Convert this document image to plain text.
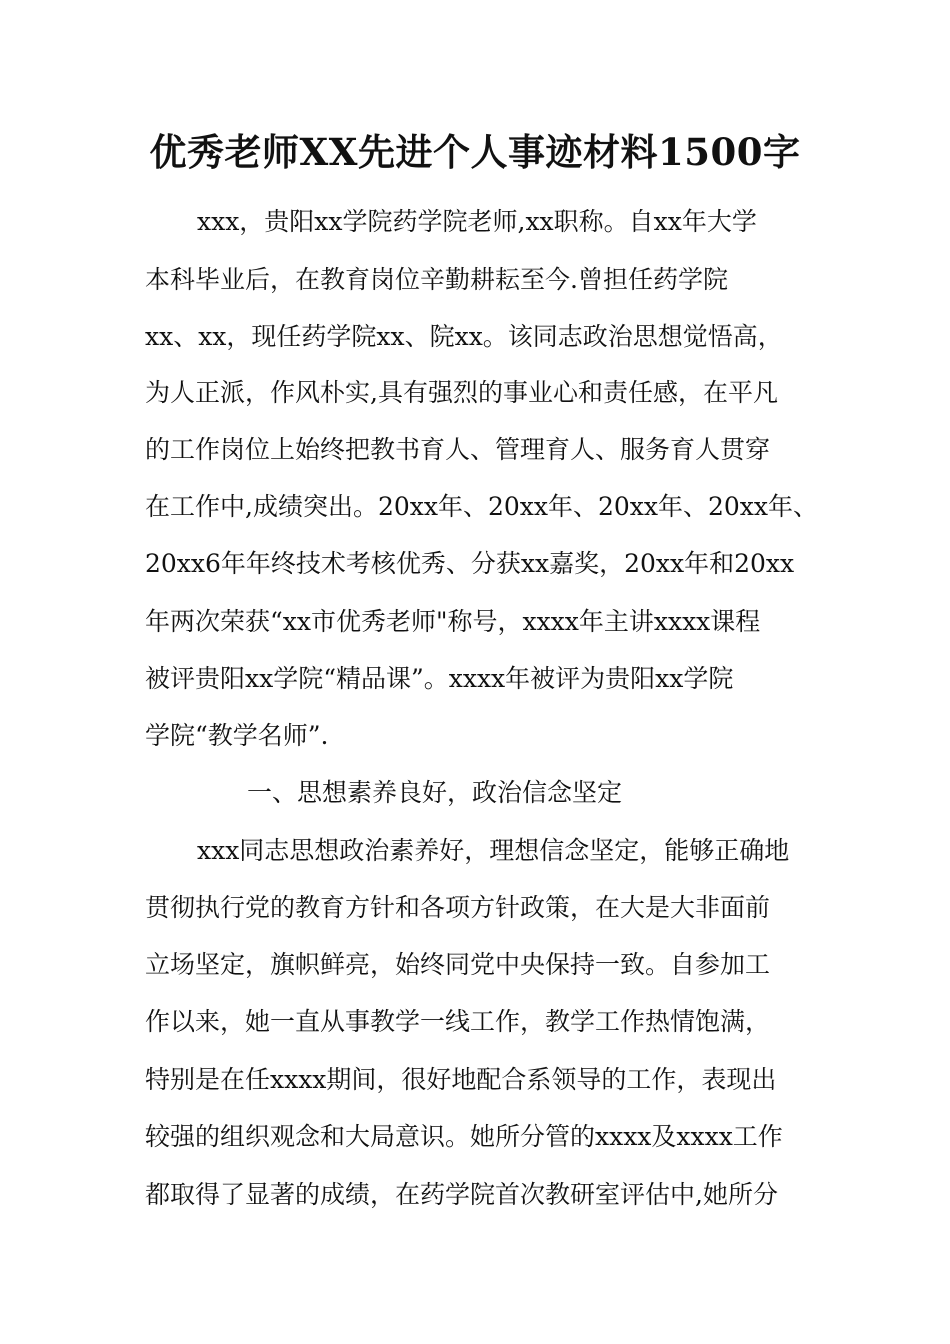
优秀老师XX先进个人事迹材料1500字
xxx，贵阳xx学院药学院老师,xx职称。自xx年大学
本科毕业后，在教育岗位辛勤耕耘至今.曾担任药学院
xx、xx，现任药学院xx、院xx。该同志政治思想觉悟高，
为人正派，作风朴实,具有强烈的事业心和责任感，在平凡
的工作岗位上始终把教书育人、管理育人、服务育人贯穿
在工作中,成绩突出。20xx年、20xx年、20xx年、20xx年、
20xx6年年终技术考核优秀、分获xx嘉奖，20xx年和20xx
年两次荣获“xx市优秀老师"称号，xxxx年主讲xxxx课程
被评贵阳xx学院“精品课”。xxxx年被评为贵阳xx学院
学院“教学名师”.
一、思想素养良好，政治信念坚定
xxx同志思想政治素养好，理想信念坚定，能够正确地
贯彻执行党的教育方针和各项方针政策，在大是大非面前
立场坚定，旗帜鲜亮，始终同党中央保持一致。自参加工
作以来，她一直从事教学一线工作，教学工作热情饱满，
特别是在任xxxx期间，很好地配合系领导的工作，表现出
较强的组织观念和大局意识。她所分管的xxxx及xxxx工作
都取得了显著的成绩，在药学院首次教研室评估中,她所分
